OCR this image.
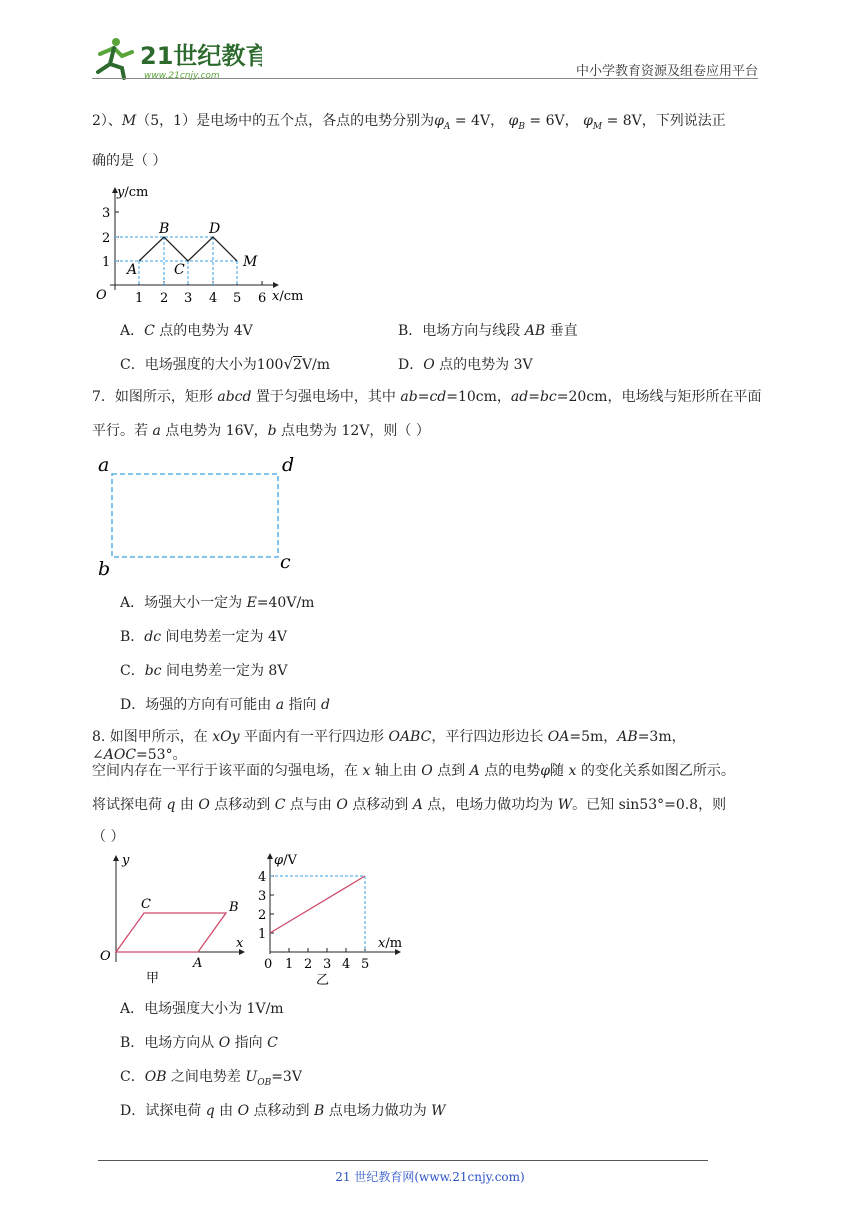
21世纪教育
www.21cnjy.com	中小学教育资源及组卷应用平台
2）、M（5，1）是电场中的五个点，各点的电势分别为$\varphi_A = 4V$， $\varphi_B = 6V$， $\varphi_M = 8V$，下列说法正
确的是（ ）
y/cm
x/cm
O
1
2
3
1 2 3 4 5 6
A
B
C
D
M
A．C 点的电势为 4V	B．电场方向与线段 AB 垂直
C．电场强度的大小为100√2V/m	D．O 点的电势为 3V
7．如图所示，矩形 abcd 置于匀强电场中，其中 ab=cd=10cm，ad=bc=20cm，电场线与矩形所在平面
平行。若 a 点电势为 16V，b 点电势为 12V，则（ ）
a	d
b	c
A．场强大小一定为 E=40V/m
B．dc 间电势差一定为 4V
C．bc 间电势差一定为 8V
D．场强的方向有可能由 a 指向 d
8. 如图甲所示，在 xOy 平面内有一平行四边形 OABC，平行四边形边长 OA=5m，AB=3m，∠AOC=53°。
空间内存在一平行于该平面的匀强电场，在 x 轴上由 O 点到 A 点的电势φ随 x 的变化关系如图乙所示。
将试探电荷 q 由 O 点移动到 C 点与由 O 点移动到 A 点，电场力做功均为 W。已知 sin53°=0.8，则
（ ）
y
x
O	A
B
C
甲
φ/V
x/m
1
2
3
4
0 1 2 3 4 5
乙
A．电场强度大小为 1V/m
B．电场方向从 O 指向 C
C．OB 之间电势差 $U_{OB}=3V$
D．试探电荷 q 由 O 点移动到 B 点电场力做功为 W
21 世纪教育网(www.21cnjy.com)
